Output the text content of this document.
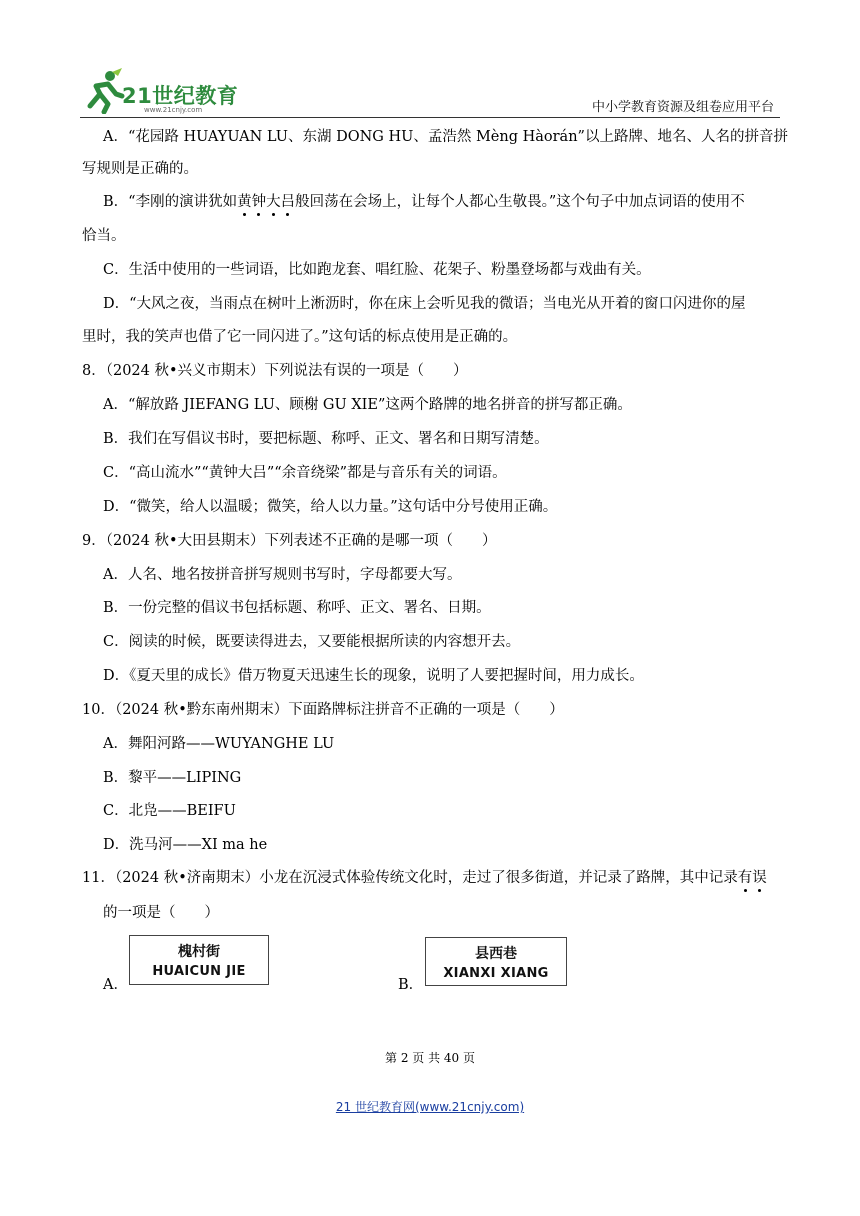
21世纪教育
www.21cnjy.com	中小学教育资源及组卷应用平台
A．“花园路 HUAYUAN LU、东湖 DONG HU、孟浩然 Mèng Hàorán”以上路牌、地名、人名的拼音拼
写规则是正确的。
B．“李刚的演讲犹如黄钟大吕般回荡在会场上，让每个人都心生敬畏。”这个句子中加点词语的使用不
恰当。
C．生活中使用的一些词语，比如跑龙套、唱红脸、花架子、粉墨登场都与戏曲有关。
D．“大风之夜，当雨点在树叶上淅沥时，你在床上会听见我的微语；当电光从开着的窗口闪进你的屋
里时，我的笑声也借了它一同闪进了。”这句话的标点使用是正确的。
8．（2024 秋•兴义市期末）下列说法有误的一项是（　　）
A．“解放路 JIEFANG LU、顾榭 GU XIE”这两个路牌的地名拼音的拼写都正确。
B．我们在写倡议书时，要把标题、称呼、正文、署名和日期写清楚。
C．“高山流水”“黄钟大吕”“余音绕梁”都是与音乐有关的词语。
D．“微笑，给人以温暖；微笑，给人以力量。”这句话中分号使用正确。
9．（2024 秋•大田县期末）下列表述不正确的是哪一项（　　）
A．人名、地名按拼音拼写规则书写时，字母都要大写。
B．一份完整的倡议书包括标题、称呼、正文、署名、日期。
C．阅读的时候，既要读得进去，又要能根据所读的内容想开去。
D．《夏天里的成长》借万物夏天迅速生长的现象，说明了人要把握时间，用力成长。
10．（2024 秋•黔东南州期末）下面路牌标注拼音不正确的一项是（　　）
A．舞阳河路——WUYANGHE LU
B．黎平——LIPING
C．北凫——BEIFU
D．洗马河——XI ma he
11．（2024 秋•济南期末）小龙在沉浸式体验传统文化时，走过了很多街道，并记录了路牌，其中记录有误
的一项是（　　）
A．
槐村街
HUAICUN JIE
B．
县西巷
XIANXI XIANG
第 2 页 共 40 页
21 世纪教育网(www.21cnjy.com)
